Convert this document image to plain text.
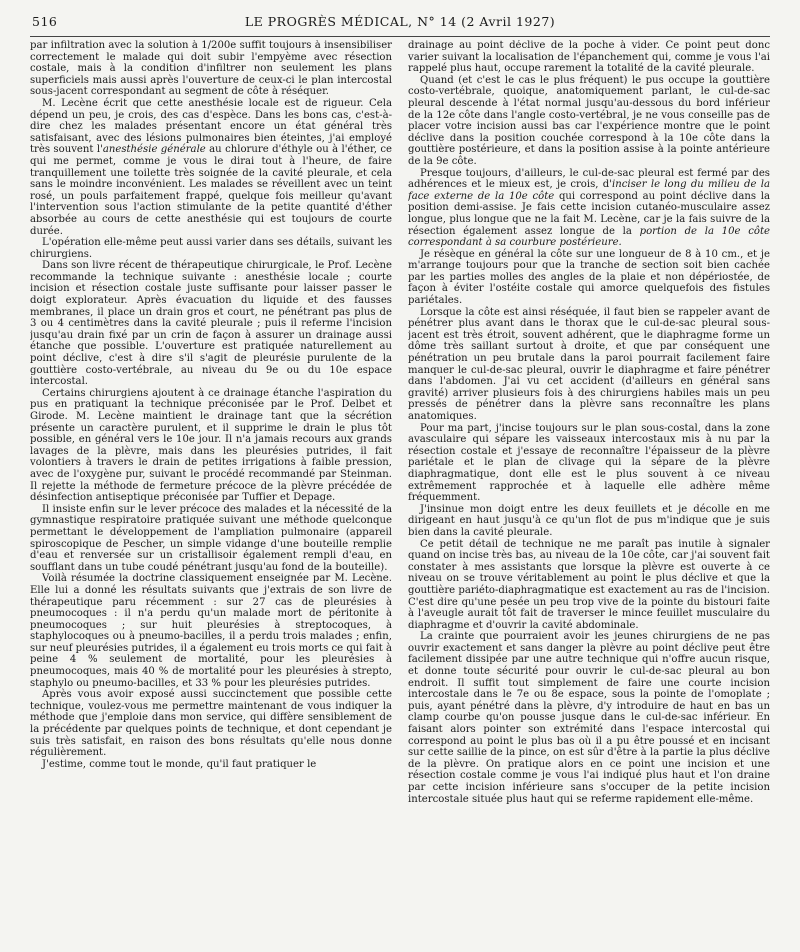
516	LE PROGRÈS MÉDICAL, N° 14 (2 Avril 1927)

par infiltration avec la solution à 1/200e suffit toujours à insensibiliser correctement le malade qui doit subir l'empyème avec résection costale, mais à la condition d'infiltrer non seulement les plans superficiels mais aussi après l'ouverture de ceux-ci le plan intercostal sous-jacent correspondant au segment de côte à réséquer.

M. Lecène écrit que cette anesthésie locale est de rigueur. Cela dépend un peu, je crois, des cas d'espèce. Dans les bons cas, c'est-à-dire chez les malades présentant encore un état général très satisfaisant, avec des lésions pulmonaires bien éteintes, j'ai employé très souvent l'anesthésie générale au chlorure d'éthyle ou à l'éther, ce qui me permet, comme je vous le dirai tout à l'heure, de faire tranquillement une toilette très soignée de la cavité pleurale, et cela sans le moindre inconvénient. Les malades se réveillent avec un teint rosé, un pouls parfaitement frappé, quelque fois meilleur qu'avant l'intervention sous l'action stimulante de la petite quantité d'éther absorbée au cours de cette anesthésie qui est toujours de courte durée.

L'opération elle-même peut aussi varier dans ses détails, suivant les chirurgiens.

Dans son livre récent de thérapeutique chirurgicale, le Prof. Lecène recommande la technique suivante : anesthésie locale ; courte incision et résection costale juste suffisante pour laisser passer le doigt explorateur. Après évacuation du liquide et des fausses membranes, il place un drain gros et court, ne pénétrant pas plus de 3 ou 4 centimètres dans la cavité pleurale ; puis il referme l'incision jusqu'au drain fixé par un crin de façon à assurer un drainage aussi étanche que possible. L'ouverture est pratiquée naturellement au point déclive, c'est à dire s'il s'agit de pleurésie purulente de la gouttière costo-vertébrale, au niveau du 9e ou du 10e espace intercostal.

Certains chirurgiens ajoutent à ce drainage étanche l'aspiration du pus en pratiquant la technique préconisée par le Prof. Delbet et Girode. M. Lecène maintient le drainage tant que la sécrétion présente un caractère purulent, et il supprime le drain le plus tôt possible, en général vers le 10e jour. Il n'a jamais recours aux grands lavages de la plèvre, mais dans les pleurésies putrides, il fait volontiers à travers le drain de petites irrigations à faible pression, avec de l'oxygène pur, suivant le procédé recommandé par Steinman. Il rejette la méthode de fermeture précoce de la plèvre précédée de désinfection antiseptique préconisée par Tuffier et Depage.

Il insiste enfin sur le lever précoce des malades et la nécessité de la gymnastique respiratoire pratiquée suivant une méthode quelconque permettant le développement de l'ampliation pulmonaire (appareil spiroscopique de Pescher, un simple vidange d'une bouteille remplie d'eau et renversée sur un cristallisoir également rempli d'eau, en soufflant dans un tube coudé pénétrant jusqu'au fond de la bouteille).

Voilà résumée la doctrine classiquement enseignée par M. Lecène. Elle lui a donné les résultats suivants que j'extrais de son livre de thérapeutique paru récemment : sur 27 cas de pleurésies à pneumocoques : il n'a perdu qu'un malade mort de péritonite à pneumocoques ; sur huit pleurésies à streptocoques, à staphylocoques ou à pneumo-bacilles, il a perdu trois malades ; enfin, sur neuf pleurésies putrides, il a également eu trois morts ce qui fait à peine 4 % seulement de mortalité, pour les pleurésies à pneumocoques, mais 40 % de mortalité pour les pleurésies à strepto, staphylo ou pneumo-bacilles, et 33 % pour les pleurésies putrides.

Après vous avoir exposé aussi succinctement que possible cette technique, voulez-vous me permettre maintenant de vous indiquer la méthode que j'emploie dans mon service, qui diffère sensiblement de la précédente par quelques points de technique, et dont cependant je suis très satisfait, en raison des bons résultats qu'elle nous donne régulièrement.

J'estime, comme tout le monde, qu'il faut pratiquer le

drainage au point déclive de la poche à vider. Ce point peut donc varier suivant la localisation de l'épanchement qui, comme je vous l'ai rappelé plus haut, occupe rarement la totalité de la cavité pleurale.

Quand (et c'est le cas le plus fréquent) le pus occupe la gouttière costo-vertébrale, quoique, anatomiquement parlant, le cul-de-sac pleural descende à l'état normal jusqu'au-dessous du bord inférieur de la 12e côte dans l'angle costo-vertébral, je ne vous conseille pas de placer votre incision aussi bas car l'expérience montre que le point déclive dans la position couchée correspond à la 10e côte dans la gouttière postérieure, et dans la position assise à la pointe antérieure de la 9e côte.

Presque toujours, d'ailleurs, le cul-de-sac pleural est fermé par des adhérences et le mieux est, je crois, d'inciser le long du milieu de la face externe de la 10e côte qui correspond au point déclive dans la position demi-assise. Je fais cette incision cutanéo-musculaire assez longue, plus longue que ne la fait M. Lecène, car je la fais suivre de la résection également assez longue de la portion de la 10e côte correspondant à sa courbure postérieure.

Je résèque en général la côte sur une longueur de 8 à 10 cm., et je m'arrange toujours pour que la tranche de section soit bien cachée par les parties molles des angles de la plaie et non dépériostée, de façon à éviter l'ostéite costale qui amorce quelquefois des fistules pariétales.

Lorsque la côte est ainsi réséquée, il faut bien se rappeler avant de pénétrer plus avant dans le thorax que le cul-de-sac pleural sous-jacent est très étroit, souvent adhérent, que le diaphragme forme un dôme très saillant surtout à droite, et que par conséquent une pénétration un peu brutale dans la paroi pourrait facilement faire manquer le cul-de-sac pleural, ouvrir le diaphragme et faire pénétrer dans l'abdomen. J'ai vu cet accident (d'ailleurs en général sans gravité) arriver plusieurs fois à des chirurgiens habiles mais un peu pressés de pénétrer dans la plèvre sans reconnaître les plans anatomiques.

Pour ma part, j'incise toujours sur le plan sous-costal, dans la zone avasculaire qui sépare les vaisseaux intercostaux mis à nu par la résection costale et j'essaye de reconnaître l'épaisseur de la plèvre pariétale et le plan de clivage qui la sépare de la plèvre diaphragmatique, dont elle est le plus souvent à ce niveau extrêmement rapprochée et à laquelle elle adhère même fréquemment.

J'insinue mon doigt entre les deux feuillets et je décolle en me dirigeant en haut jusqu'à ce qu'un flot de pus m'indique que je suis bien dans la cavité pleurale.

Ce petit détail de technique ne me paraît pas inutile à signaler quand on incise très bas, au niveau de la 10e côte, car j'ai souvent fait constater à mes assistants que lorsque la plèvre est ouverte à ce niveau on se trouve véritablement au point le plus déclive et que la gouttière pariéto-diaphragmatique est exactement au ras de l'incision. C'est dire qu'une pesée un peu trop vive de la pointe du bistouri faite à l'aveugle aurait tôt fait de traverser le mince feuillet musculaire du diaphragme et d'ouvrir la cavité abdominale.

La crainte que pourraient avoir les jeunes chirurgiens de ne pas ouvrir exactement et sans danger la plèvre au point déclive peut être facilement dissipée par une autre technique qui n'offre aucun risque, et donne toute sécurité pour ouvrir le cul-de-sac pleural au bon endroit. Il suffit tout simplement de faire une courte incision intercostale dans le 7e ou 8e espace, sous la pointe de l'omoplate ; puis, ayant pénétré dans la plèvre, d'y introduire de haut en bas un clamp courbe qu'on pousse jusque dans le cul-de-sac inférieur. En faisant alors pointer son extrémité dans l'espace intercostal qui correspond au point le plus bas où il a pu être poussé et en incisant sur cette saillie de la pince, on est sûr d'être à la partie la plus déclive de la plèvre. On pratique alors en ce point une incision et une résection costale comme je vous l'ai indiqué plus haut et l'on draine par cette incision inférieure sans s'occuper de la petite incision intercostale située plus haut qui se referme rapidement elle-même.
